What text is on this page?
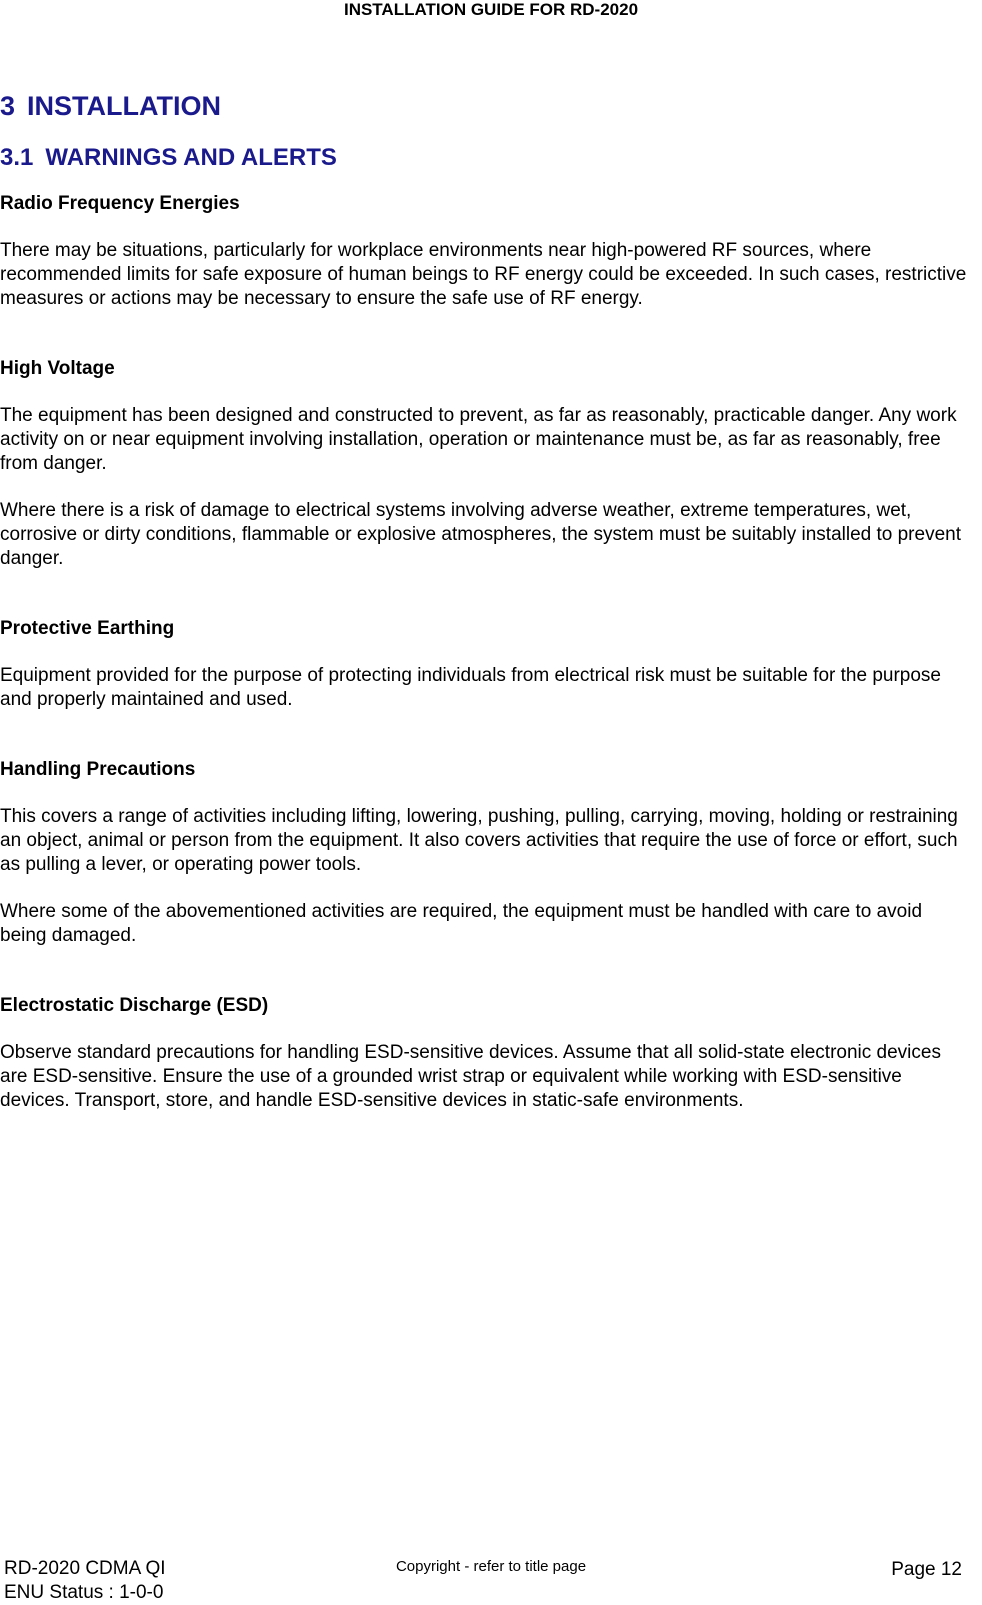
INSTALLATION GUIDE FOR RD-2020
3 INSTALLATION
3.1 WARNINGS AND ALERTS
Radio Frequency Energies

There may be situations, particularly for workplace environments near high-powered RF sources, where recommended limits for safe exposure of human beings to RF energy could be exceeded. In such cases, restrictive measures or actions may be necessary to ensure the safe use of RF energy.

High Voltage

The equipment has been designed and constructed to prevent, as far as reasonably, practicable danger. Any work activity on or near equipment involving installation, operation or maintenance must be, as far as reasonably, free from danger.

Where there is a risk of damage to electrical systems involving adverse weather, extreme temperatures, wet, corrosive or dirty conditions, flammable or explosive atmospheres, the system must be suitably installed to prevent danger.

Protective Earthing

Equipment provided for the purpose of protecting individuals from electrical risk must be suitable for the purpose and properly maintained and used.

Handling Precautions

This covers a range of activities including lifting, lowering, pushing, pulling, carrying, moving, holding or restraining an object, animal or person from the equipment. It also covers activities that require the use of force or effort, such as pulling a lever, or operating power tools.

Where some of the abovementioned activities are required, the equipment must be handled with care to avoid being damaged.

Electrostatic Discharge (ESD)

Observe standard precautions for handling ESD-sensitive devices. Assume that all solid-state electronic devices are ESD-sensitive. Ensure the use of a grounded wrist strap or equivalent while working with ESD-sensitive devices. Transport, store, and handle ESD-sensitive devices in static-safe environments.

RD-2020 CDMA QI
ENU Status : 1-0-0
Copyright - refer to title page	Page 12
